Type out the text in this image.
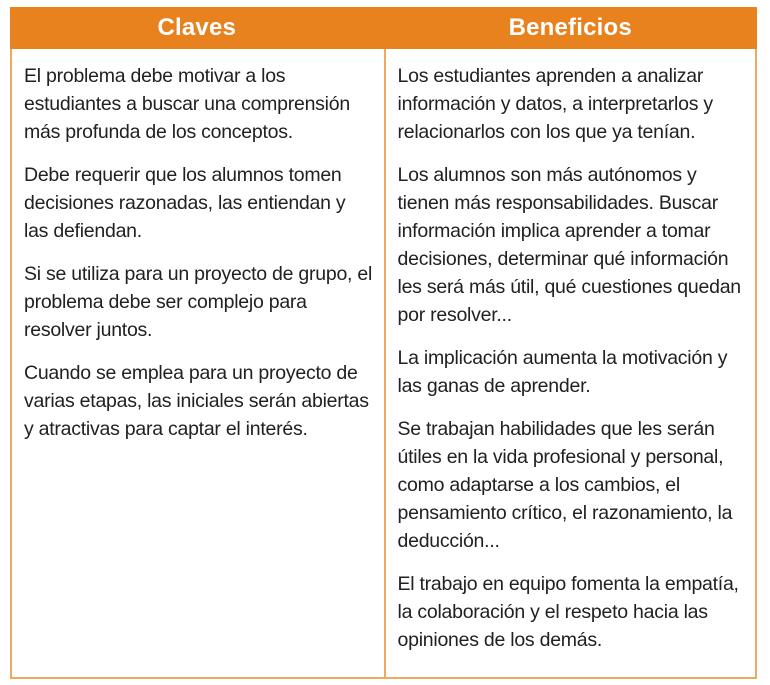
Claves	Beneficios

El problema debe motivar a los estudiantes a buscar una comprensión más profunda de los conceptos.

Debe requerir que los alumnos tomen decisiones razonadas, las entiendan y las defiendan.

Si se utiliza para un proyecto de grupo, el problema debe ser complejo para resolver juntos.

Cuando se emplea para un proyecto de varias etapas, las iniciales serán abiertas y atractivas para captar el interés.

Los estudiantes aprenden a analizar información y datos, a interpretarlos y relacionarlos con los que ya tenían.

Los alumnos son más autónomos y tienen más responsabilidades. Buscar información implica aprender a tomar decisiones, determinar qué información les será más útil, qué cuestiones quedan por resolver...

La implicación aumenta la motivación y las ganas de aprender.

Se trabajan habilidades que les serán útiles en la vida profesional y personal, como adaptarse a los cambios, el pensamiento crítico, el razonamiento, la deducción...

El trabajo en equipo fomenta la empatía, la colaboración y el respeto hacia las opiniones de los demás.
